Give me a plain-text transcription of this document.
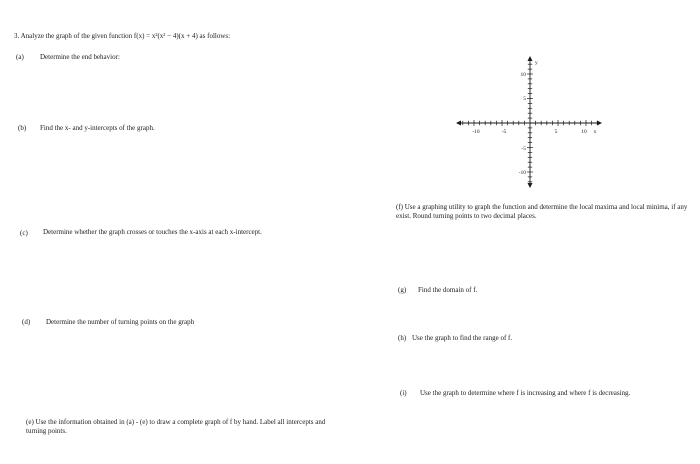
3. Analyze the graph of the given function f(x) = x²(x² − 4)(x + 4) as follows:
(a) Determine the end behavior:
(b) Find the x- and y-intercepts of the graph.
(c) Determine whether the graph crosses or touches the x-axis at each x-intercept.
(d) Determine the number of turning points on the graph
(e) Use the information obtained in (a) - (e) to draw a complete graph of f by hand. Label all intercepts and turning points.
-10	-5	5	10 x
10
5
-5
-10
y
(f) Use a graphing utility to graph the function and determine the local maxima and local minima, if any exist. Round turning points to two decimal places.
(g) Find the domain of f.
(h) Use the graph to find the range of f.
(i) Use the graph to determine where f is increasing and where f is decreasing.
